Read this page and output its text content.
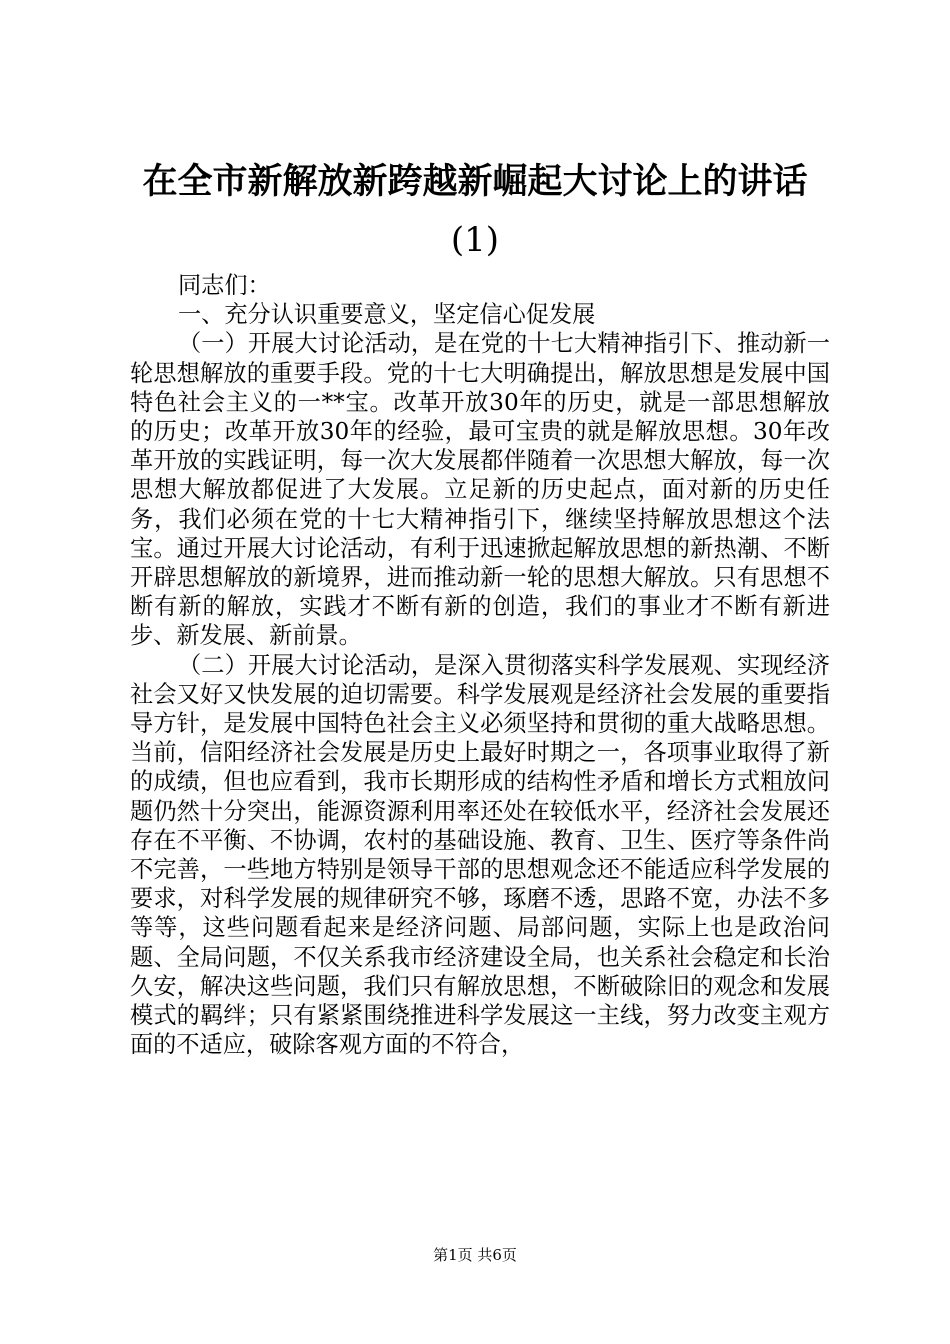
在全市新解放新跨越新崛起大讨论上的讲话
(1)

同志们：

一、充分认识重要意义，坚定信心促发展

（一）开展大讨论活动，是在党的十七大精神指引下、推动新一轮思想解放的重要手段。党的十七大明确提出，解放思想是发展中国特色社会主义的一**宝。改革开放30年的历史，就是一部思想解放的历史；改革开放30年的经验，最可宝贵的就是解放思想。30年改革开放的实践证明，每一次大发展都伴随着一次思想大解放，每一次思想大解放都促进了大发展。立足新的历史起点，面对新的历史任务，我们必须在党的十七大精神指引下，继续坚持解放思想这个法宝。通过开展大讨论活动，有利于迅速掀起解放思想的新热潮、不断开辟思想解放的新境界，进而推动新一轮的思想大解放。只有思想不断有新的解放，实践才不断有新的创造，我们的事业才不断有新进步、新发展、新前景。

（二）开展大讨论活动，是深入贯彻落实科学发展观、实现经济社会又好又快发展的迫切需要。科学发展观是经济社会发展的重要指导方针，是发展中国特色社会主义必须坚持和贯彻的重大战略思想。当前，信阳经济社会发展是历史上最好时期之一，各项事业取得了新的成绩，但也应看到，我市长期形成的结构性矛盾和增长方式粗放问题仍然十分突出，能源资源利用率还处在较低水平，经济社会发展还存在不平衡、不协调，农村的基础设施、教育、卫生、医疗等条件尚不完善，一些地方特别是领导干部的思想观念还不能适应科学发展的要求，对科学发展的规律研究不够，琢磨不透，思路不宽，办法不多等等，这些问题看起来是经济问题、局部问题，实际上也是政治问题、全局问题，不仅关系我市经济建设全局，也关系社会稳定和长治久安，解决这些问题，我们只有解放思想，不断破除旧的观念和发展模式的羁绊；只有紧紧围绕推进科学发展这一主线，努力改变主观方面的不适应，破除客观方面的不符合，

第1页 共6页
